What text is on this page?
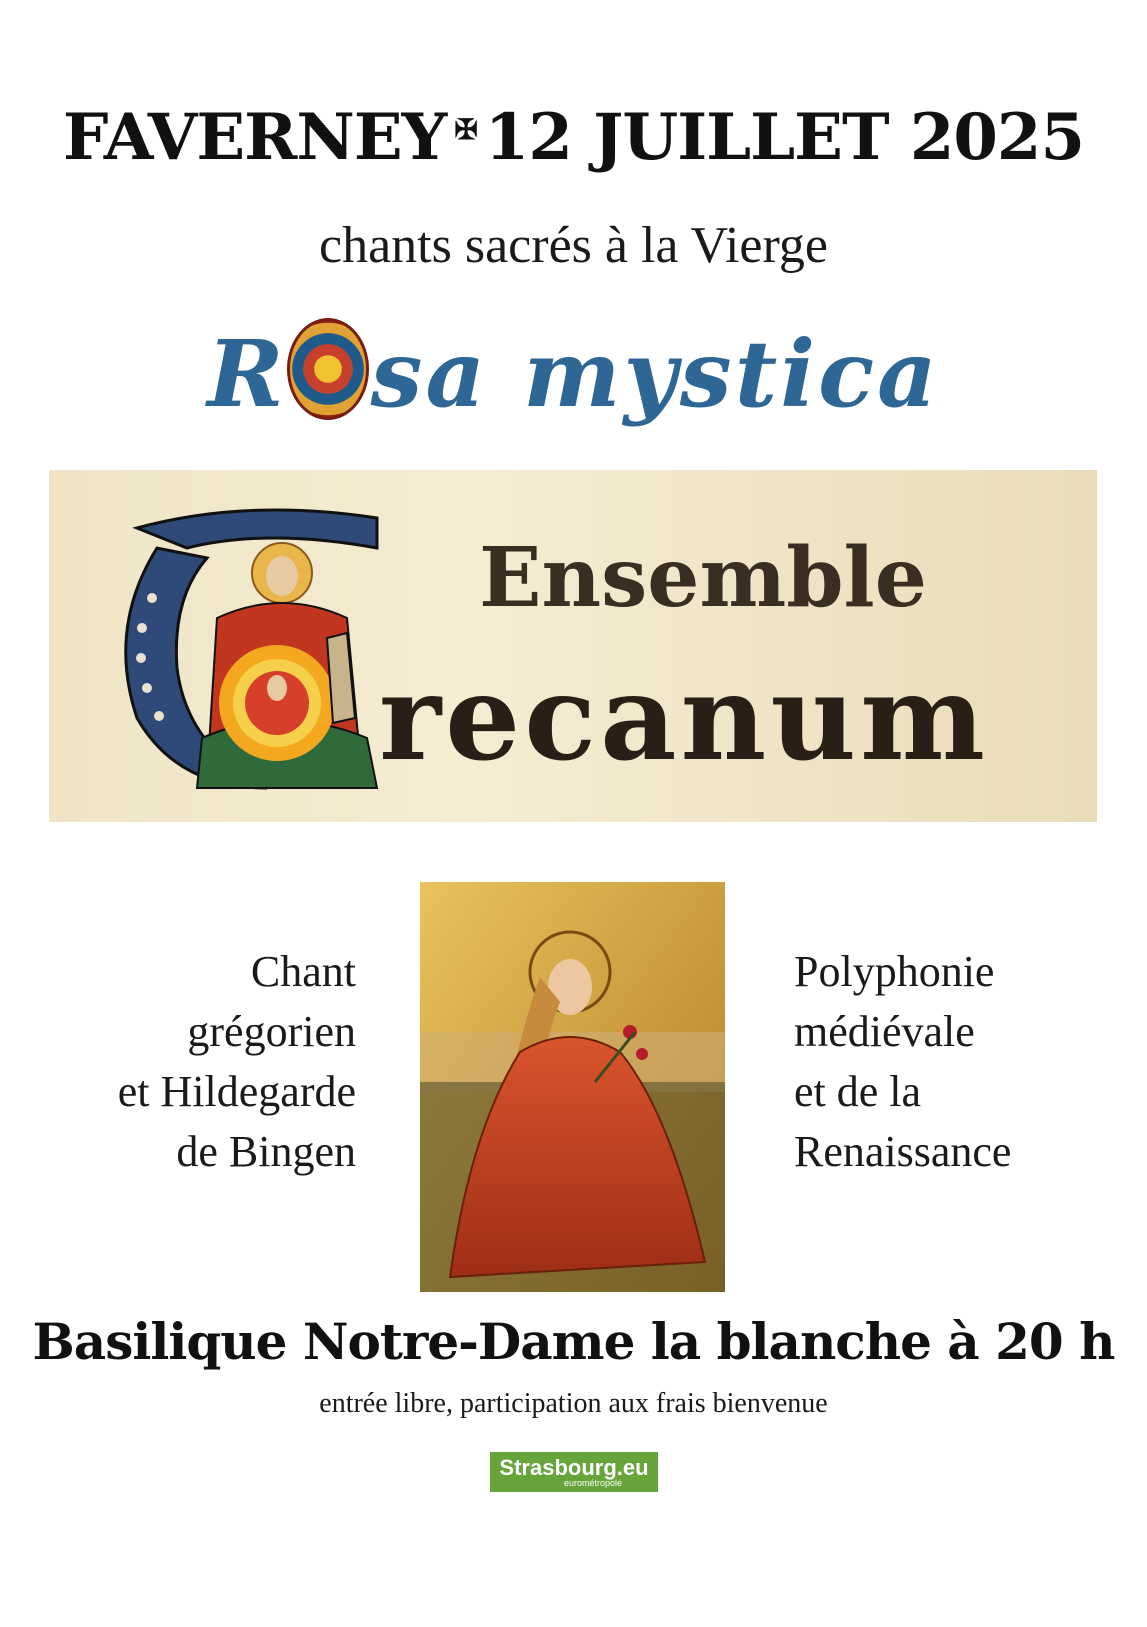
FAVERNEY ✠ 12 JUILLET 2025
chants sacrés à la Vierge
R sa mystica
Ensemble
recanum
Chant
grégorien
et Hildegarde
de Bingen
Polyphonie
médiévale
et de la
Renaissance
Basilique Notre-Dame la blanche à 20 h
entrée libre, participation aux frais bienvenue
Strasbourg.eu
eurométropole
